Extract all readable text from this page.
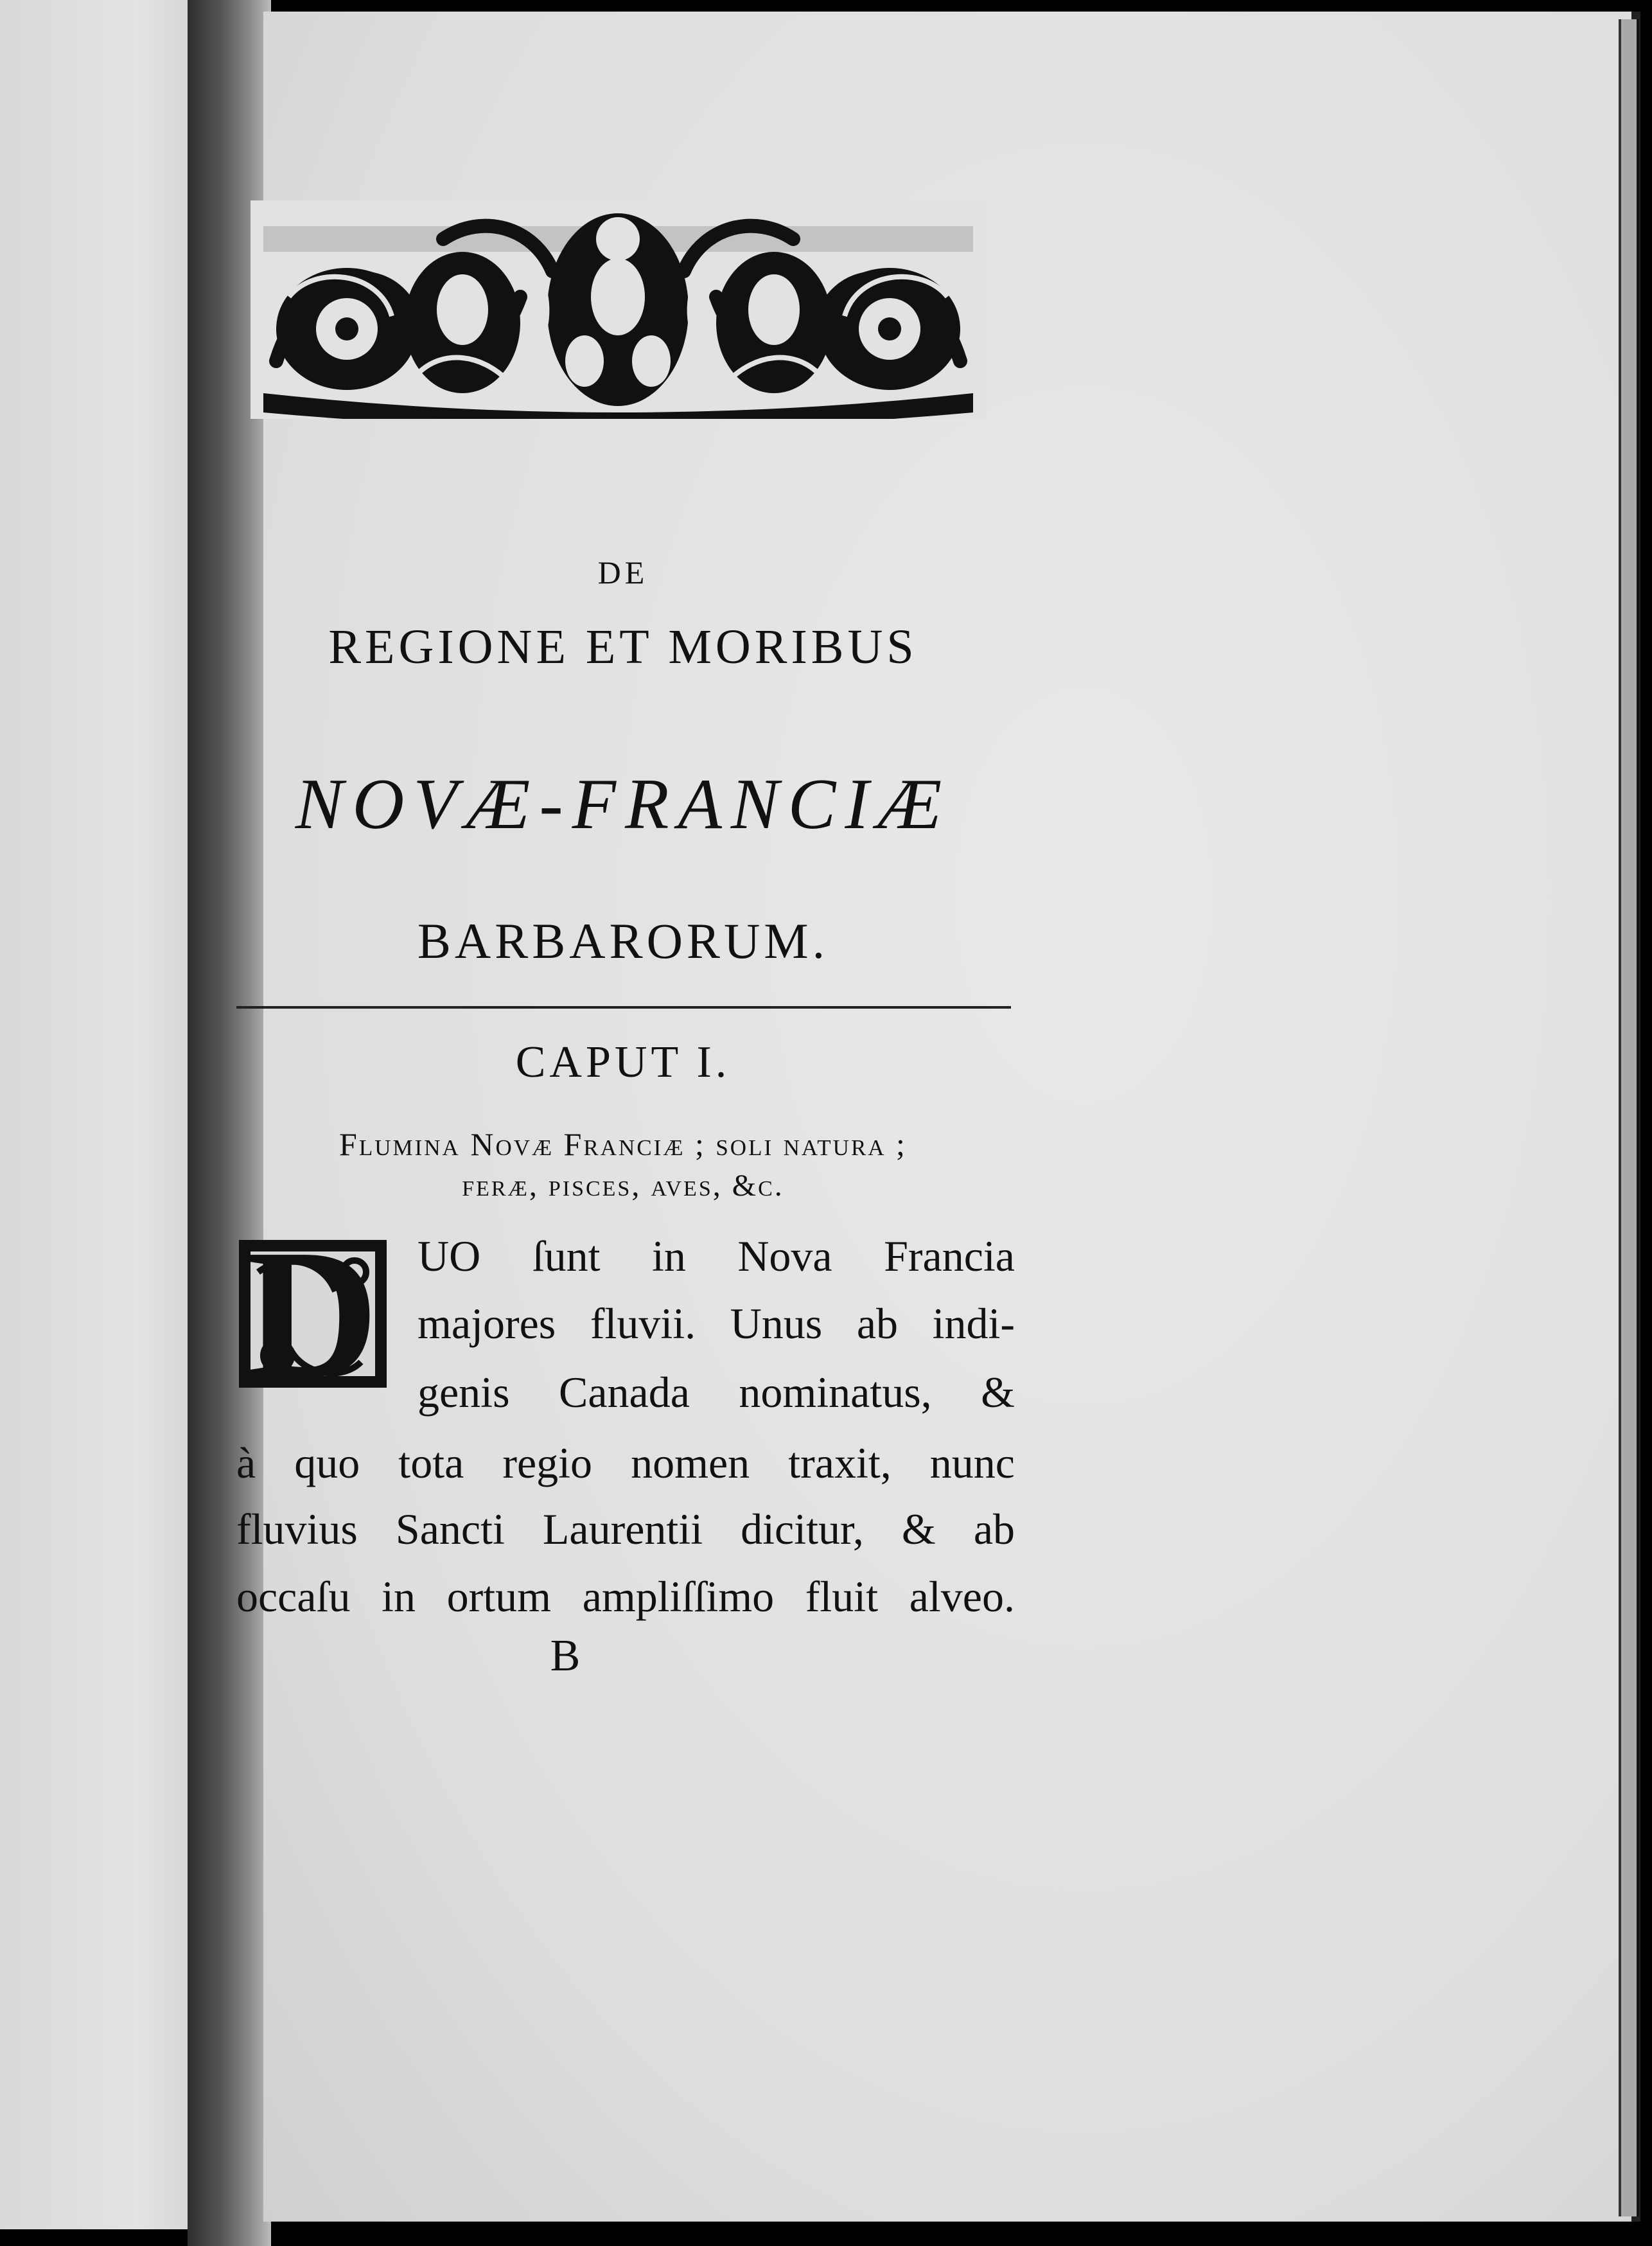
DE
REGIONE ET MORIBUS
NOVÆ-FRANCIÆ
BARBARORUM.
CAPUT I.
Flumina Novæ Franciæ ; soli natura ;
feræ, pisces, aves, &c.
D UO ſunt in Nova Francia
majores fluvii. Unus ab indi-
genis Canada nominatus, &
à quo tota regio nomen traxit, nunc
fluvius Sancti Laurentii dicitur, & ab
occaſu in ortum ampliſſimo fluit alveo.
B
